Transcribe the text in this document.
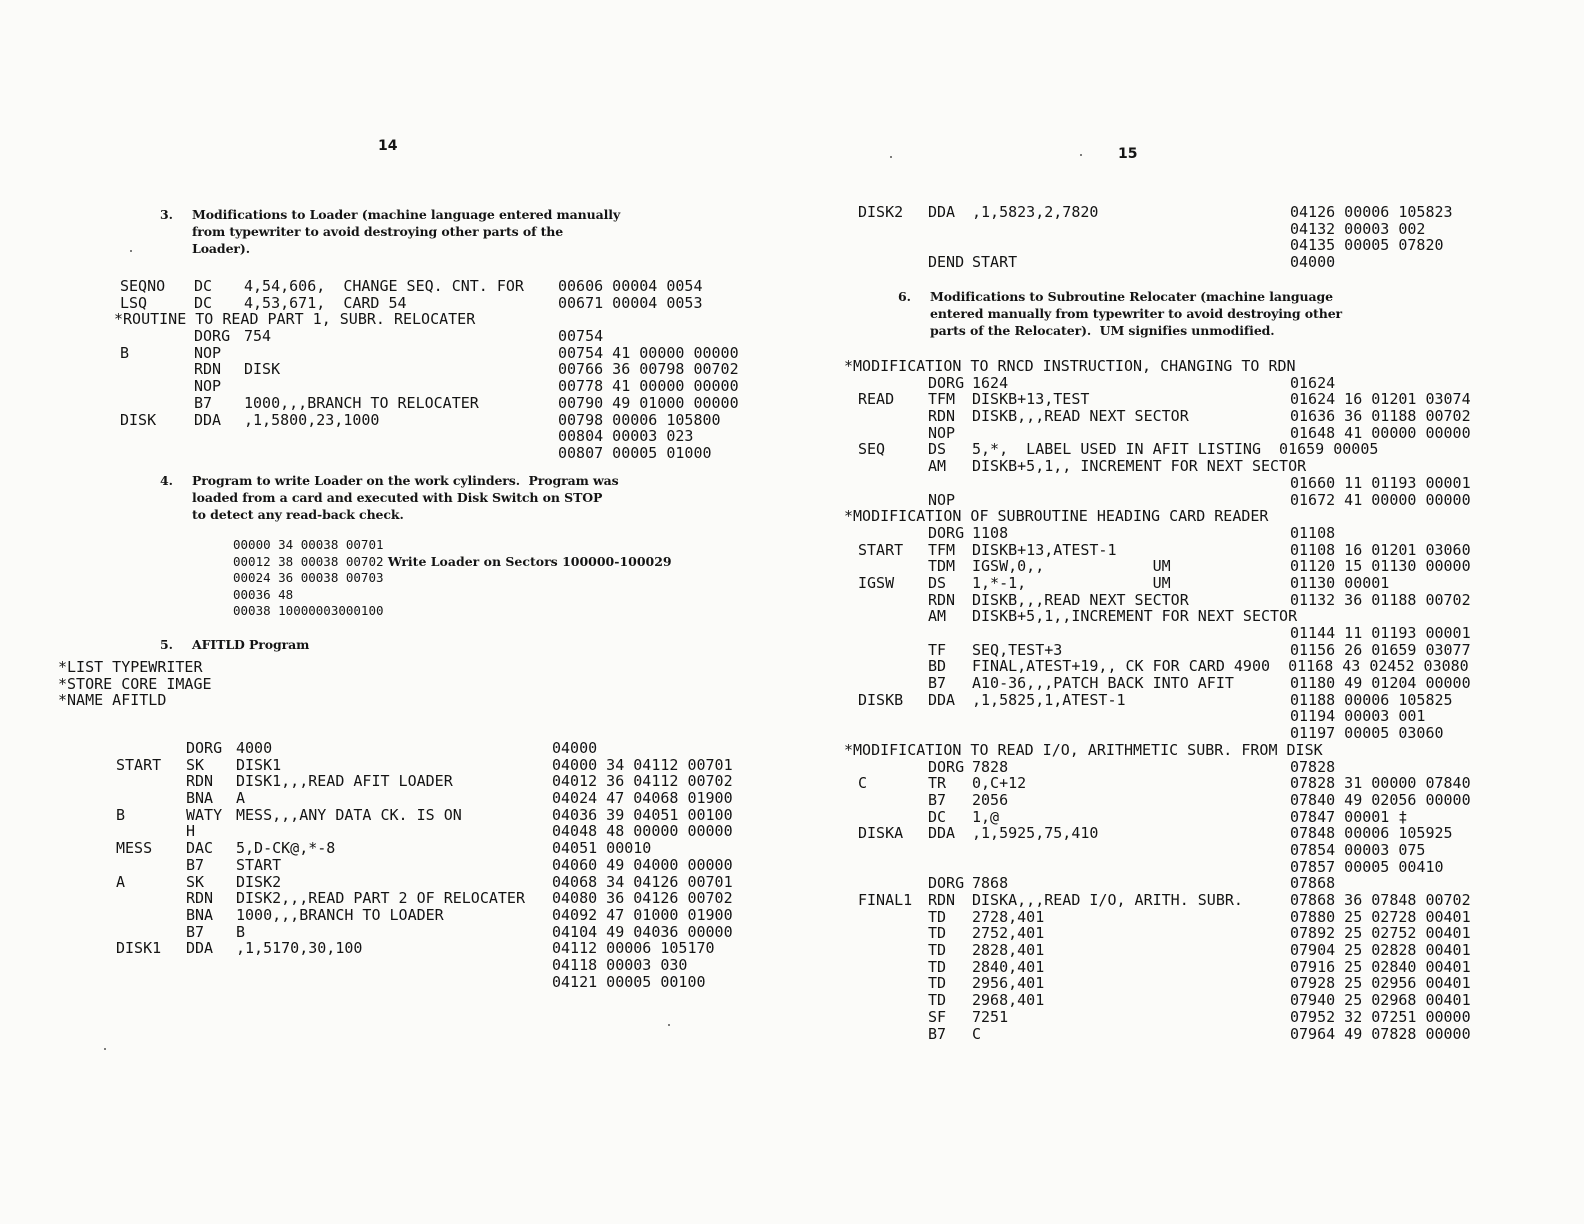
14
3. Modifications to Loader (machine language entered manually
from typewriter to avoid destroying other parts of the
Loader).
SEQNO DC 4,54,606,  CHANGE SEQ. CNT. FOR 00606 00004 0054
LSQ	DC 4,53,671,  CARD 54	00671 00004 0053
*ROUTINE TO READ PART 1, SUBR. RELOCATER
DORG 754	00754
B	NOP	00754 41 00000 00000
RDN DISK	00766 36 00798 00702
NOP	00778 41 00000 00000
B7 1000,,,BRANCH TO RELOCATER	00790 49 01000 00000
DISK	DDA ,1,5800,23,1000	00798 00006 105800
00804 00003 023
00807 00005 01000
4. Program to write Loader on the work cylinders.  Program was
loaded from a card and executed with Disk Switch on STOP
to detect any read-back check.
00000 34 00038 00701
00012 38 00038 00702 Write Loader on Sectors 100000-100029
00024 36 00038 00703
00036 48
00038 10000003000100
5. AFITLD Program
*LIST TYPEWRITER
*STORE CORE IMAGE
*NAME AFITLD
DORG 4000	04000
START SK DISK1	04000 34 04112 00701
RDN DISK1,,,READ AFIT LOADER	04012 36 04112 00702
BNA A	04024 47 04068 01900
B	WATY MESS,,,ANY DATA CK. IS ON	04036 39 04051 00100
H	04048 48 00000 00000
MESS DAC 5,D-CK@,*-8	04051 00010
B7 START	04060 49 04000 00000
A	SK DISK2	04068 34 04126 00701
RDN DISK2,,,READ PART 2 OF RELOCATER 04080 36 04126 00702
BNA 1000,,,BRANCH TO LOADER	04092 47 01000 01900
B7 B	04104 49 04036 00000
DISK1 DDA ,1,5170,30,100	04112 00006 105170
04118 00003 030
04121 00005 00100
15
DISK2 DDA ,1,5823,2,7820	04126 00006 105823
04132 00003 002
04135 00005 07820
DEND START	04000
6. Modifications to Subroutine Relocater (machine language
entered manually from typewriter to avoid destroying other
parts of the Relocater).  UM signifies unmodified.
*MODIFICATION TO RNCD INSTRUCTION, CHANGING TO RDN
DORG 1624	01624
READ TFM DISKB+13,TEST	01624 16 01201 03074
RDN DISKB,,,READ NEXT SECTOR	01636 36 01188 00702
NOP	01648 41 00000 00000
SEQ	DS 5,*,  LABEL USED IN AFIT LISTING  01659 00005
AM DISKB+5,1,, INCREMENT FOR NEXT SECTOR
01660 11 01193 00001
NOP	01672 41 00000 00000
*MODIFICATION OF SUBROUTINE HEADING CARD READER
DORG 1108	01108
START TFM DISKB+13,ATEST-1	01108 16 01201 03060
TDM IGSW,0,,            UM	01120 15 01130 00000
IGSW DS 1,*-1,              UM	01130 00001
RDN DISKB,,,READ NEXT SECTOR	01132 36 01188 00702
AM DISKB+5,1,,INCREMENT FOR NEXT SECTOR
01144 11 01193 00001
TF SEQ,TEST+3	01156 26 01659 03077
BD FINAL,ATEST+19,, CK FOR CARD 4900  01168 43 02452 03080
B7 A10-36,,,PATCH BACK INTO AFIT	01180 49 01204 00000
DISKB DDA ,1,5825,1,ATEST-1	01188 00006 105825
01194 00003 001
01197 00005 03060
*MODIFICATION TO READ I/O, ARITHMETIC SUBR. FROM DISK
DORG 7828	07828
C	TR 0,C+12	07828 31 00000 07840
B7 2056	07840 49 02056 00000
DC 1,@	07847 00001 ‡
DISKA DDA ,1,5925,75,410	07848 00006 105925
07854 00003 075
07857 00005 00410
DORG 7868	07868
FINAL1 RDN DISKA,,,READ I/O, ARITH. SUBR.	07868 36 07848 00702
TD 2728,401	07880 25 02728 00401
TD 2752,401	07892 25 02752 00401
TD 2828,401	07904 25 02828 00401
TD 2840,401	07916 25 02840 00401
TD 2956,401	07928 25 02956 00401
TD 2968,401	07940 25 02968 00401
SF 7251	07952 32 07251 00000
B7 C	07964 49 07828 00000
